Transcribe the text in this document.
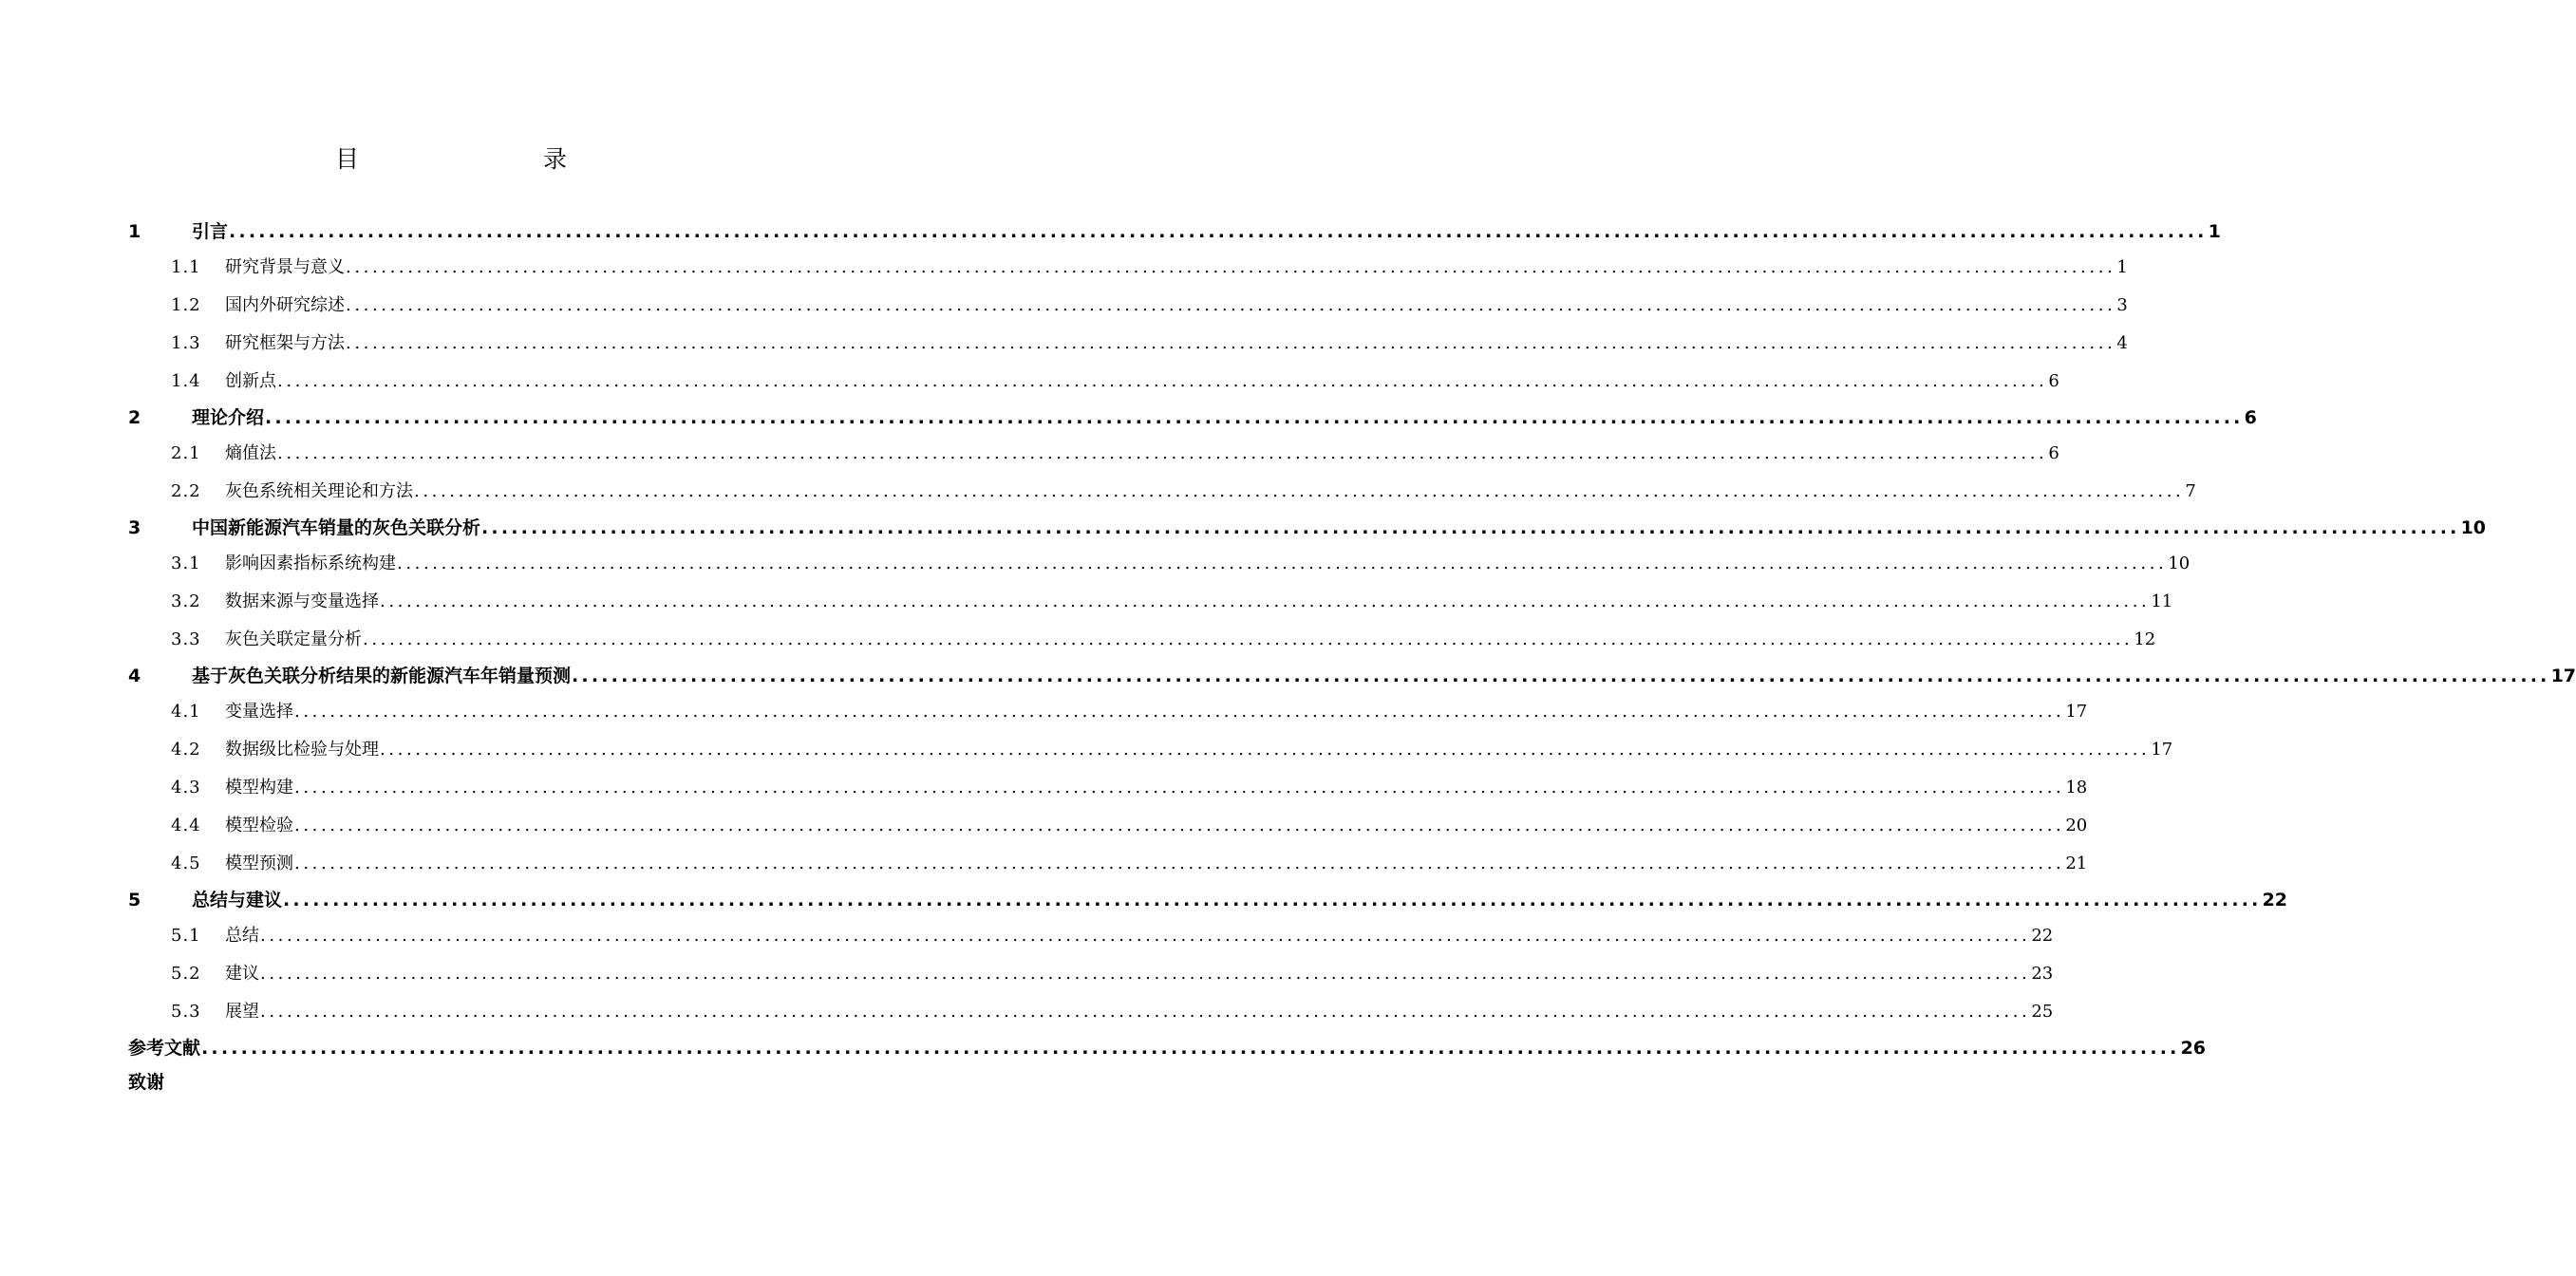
目　　录
1	引言 ........................................................................................................................................................................................................ 1
1.1	研究背景与意义 ........................................................................................................................................................................................................ 1
1.2	国内外研究综述 ........................................................................................................................................................................................................ 3
1.3	研究框架与方法 ........................................................................................................................................................................................................ 4
1.4	创新点 ........................................................................................................................................................................................................ 6
2	理论介绍 ........................................................................................................................................................................................................ 6
2.1	熵值法 ........................................................................................................................................................................................................ 6
2.2	灰色系统相关理论和方法 ........................................................................................................................................................................................................ 7
3	中国新能源汽车销量的灰色关联分析 ........................................................................................................................................................................................................ 10
3.1	影响因素指标系统构建 ........................................................................................................................................................................................................ 10
3.2	数据来源与变量选择 ........................................................................................................................................................................................................ 11
3.3	灰色关联定量分析 ........................................................................................................................................................................................................ 12
4	基于灰色关联分析结果的新能源汽车年销量预测 ........................................................................................................................................................................................................ 17
4.1	变量选择 ........................................................................................................................................................................................................ 17
4.2	数据级比检验与处理 ........................................................................................................................................................................................................ 17
4.3	模型构建 ........................................................................................................................................................................................................ 18
4.4	模型检验 ........................................................................................................................................................................................................ 20
4.5	模型预测 ........................................................................................................................................................................................................ 21
5	总结与建议 ........................................................................................................................................................................................................ 22
5.1	总结 ........................................................................................................................................................................................................ 22
5.2	建议 ........................................................................................................................................................................................................ 23
5.3	展望 ........................................................................................................................................................................................................ 25
参考文献 ........................................................................................................................................................................................................ 26
致谢
